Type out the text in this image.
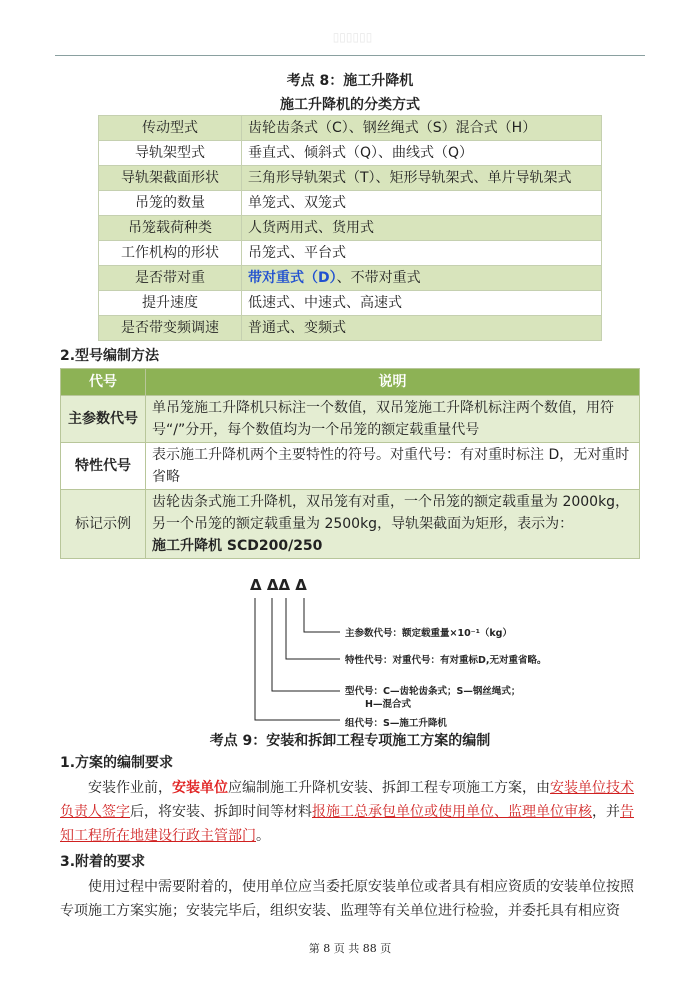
▯▯▯▯▯▯
考点 8：施工升降机
施工升降机的分类方式
传动型式	齿轮齿条式（C）、钢丝绳式（S）混合式（H）
导轨架型式	垂直式、倾斜式（Q）、曲线式（Q）
导轨架截面形状	三角形导轨架式（T）、矩形导轨架式、单片导轨架式
吊笼的数量	单笼式、双笼式
吊笼载荷种类	人货两用式、货用式
工作机构的形状	吊笼式、平台式
是否带对重	带对重式（D）、不带对重式
提升速度	低速式、中速式、高速式
是否带变频调速	普通式、变频式
2.型号编制方法
代号	说明
主参数代号	单吊笼施工升降机只标注一个数值，双吊笼施工升降机标注两个数值，用符号“/”分开，每个数值均为一个吊笼的额定载重量代号
特性代号	表示施工升降机两个主要特性的符号。对重代号：有对重时标注 D，无对重时省略
标记示例	齿轮齿条式施工升降机，双吊笼有对重，一个吊笼的额定载重量为 2000kg，另一个吊笼的额定载重量为 2500kg，导轨架截面为矩形，表示为：
施工升降机 SCD200/250
Δ ΔΔ Δ
主参数代号：额定载重量×10⁻¹（kg）
特性代号：对重代号：有对重标D,无对重省略。
型代号：C—齿轮齿条式；S—钢丝绳式；
H—混合式
组代号：S—施工升降机
考点 9：安装和拆卸工程专项施工方案的编制
1.方案的编制要求
安装作业前，安装单位应编制施工升降机安装、拆卸工程专项施工方案，由安装单位技术负责人签字后，将安装、拆卸时间等材料报施工总承包单位或使用单位、监理单位审核，并告知工程所在地建设行政主管部门。
3.附着的要求
使用过程中需要附着的，使用单位应当委托原安装单位或者具有相应资质的安装单位按照专项施工方案实施；安装完毕后，组织安装、监理等有关单位进行检验，并委托具有相应资
第 8 页 共 88 页
